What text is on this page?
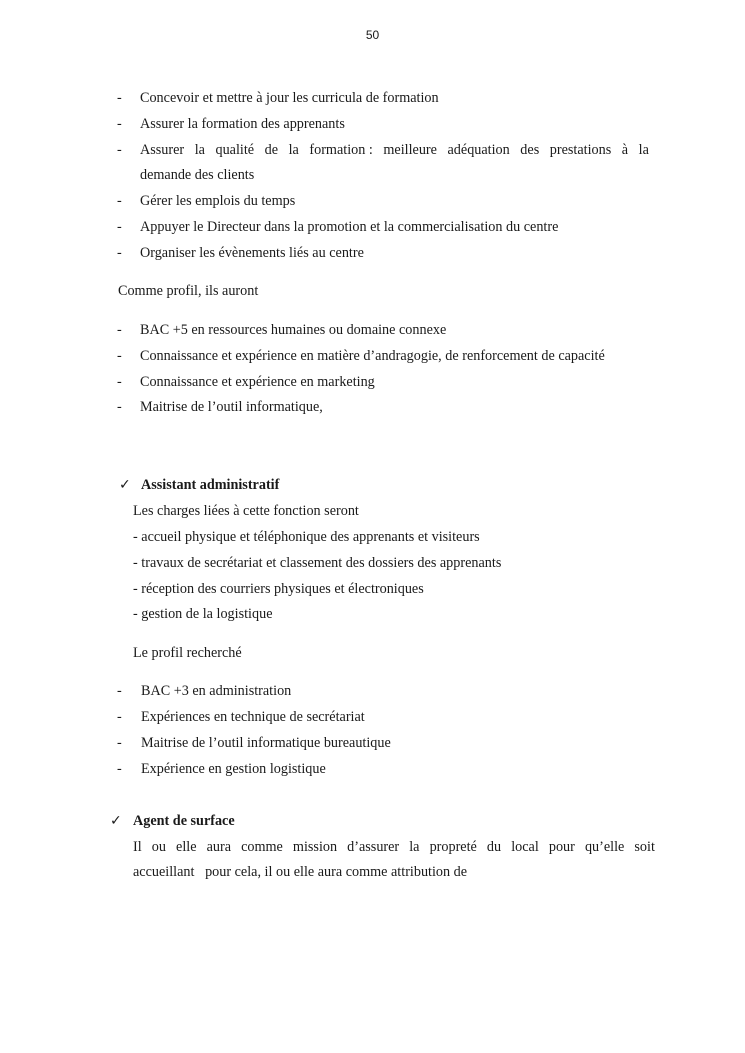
50
-	Concevoir et mettre à jour les curricula de formation
-	Assurer la formation des apprenants
-	Assurer la qualité de la formation : meilleure adéquation des prestations à la
demande des clients
-	Gérer les emplois du temps
-	Appuyer le Directeur dans la promotion et la commercialisation du centre
-	Organiser les évènements liés au centre
Comme profil, ils auront
-	BAC +5 en ressources humaines ou domaine connexe
-	Connaissance et expérience en matière d’andragogie, de renforcement de capacité
-	Connaissance et expérience en marketing
-	Maitrise de l’outil informatique,
✓ Assistant administratif
Les charges liées à cette fonction seront
- accueil physique et téléphonique des apprenants et visiteurs
- travaux de secrétariat et classement des dossiers des apprenants
- réception des courriers physiques et électroniques
- gestion de la logistique
Le profil recherché
-	BAC +3 en administration
-	Expériences en technique de secrétariat
-	Maitrise de l’outil informatique bureautique
-	Expérience en gestion logistique
✓ Agent de surface
Il ou elle aura comme mission d’assurer la propreté du local pour qu’elle soit
accueillant   pour cela, il ou elle aura comme attribution de
